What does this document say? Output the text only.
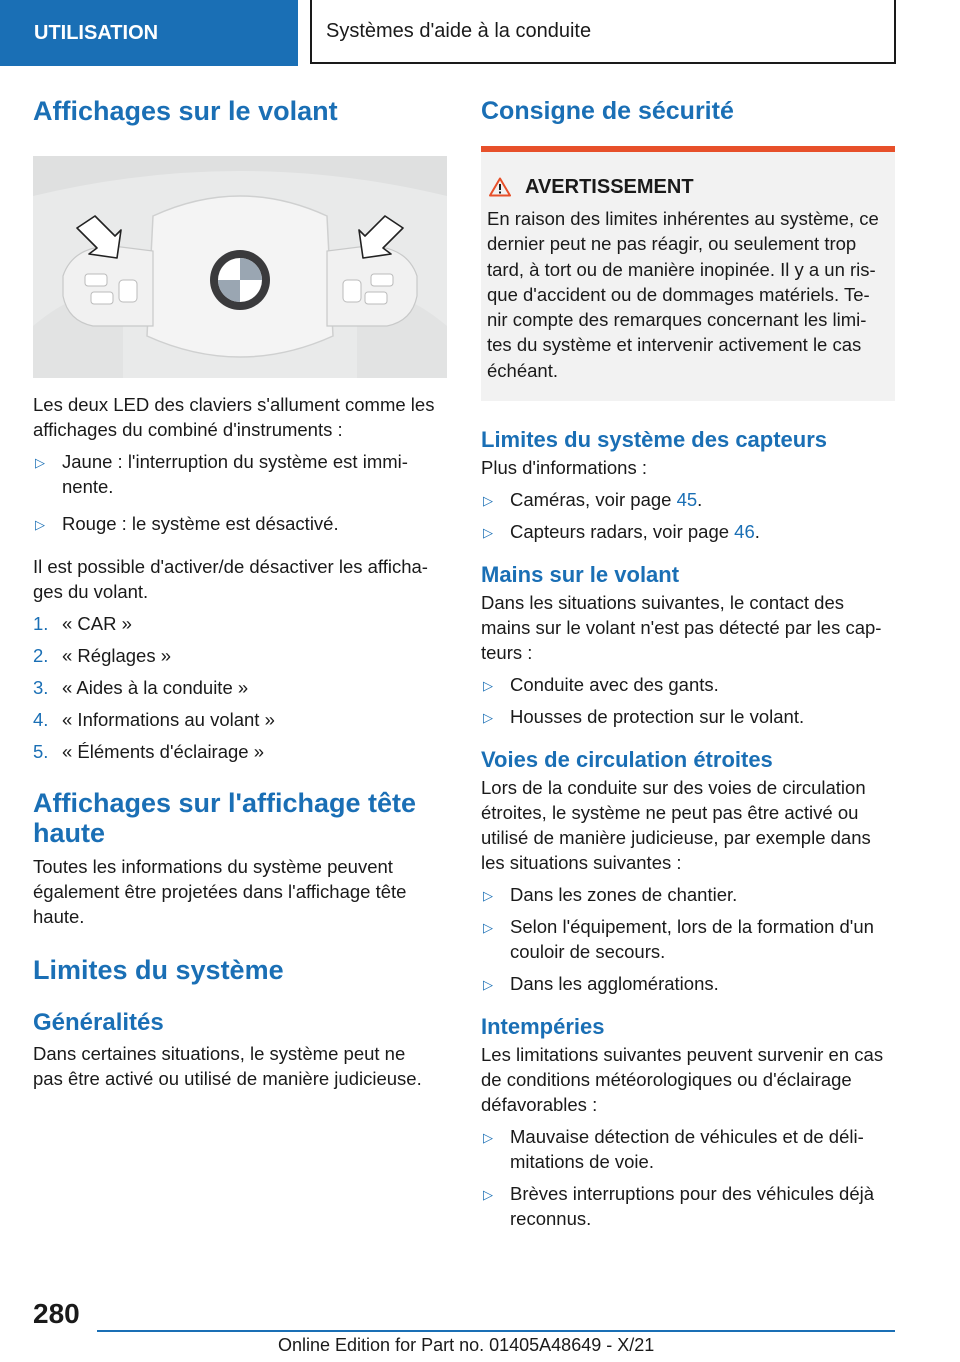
UTILISATION	Systèmes d'aide à la conduite
Affichages sur le volant

Les deux LED des claviers s'allument comme les affichages du combiné d'instruments :

▷ Jaune : l'interruption du système est immi-
nente.
▷ Rouge : le système est désactivé.

Il est possible d'activer/de désactiver les afficha-
ges du volant.

1. « CAR »
2. « Réglages »
3. « Aides à la conduite »
4. « Informations au volant »
5. « Éléments d'éclairage »
Affichages sur l'affichage tête
haute

Toutes les informations du système peuvent
également être projetées dans l'affichage tête
haute.

Limites du système
Généralités

Dans certaines situations, le système peut ne
pas être activé ou utilisé de manière judicieuse.

Consigne de sécurité
AVERTISSEMENT

En raison des limites inhérentes au système, ce
dernier peut ne pas réagir, ou seulement trop
tard, à tort ou de manière inopinée. Il y a un ris-
que d'accident ou de dommages matériels. Te-
nir compte des remarques concernant les limi-
tes du système et intervenir activement le cas
échéant.

Limites du système des capteurs

Plus d'informations :

▷ Caméras, voir page 45.
▷ Capteurs radars, voir page 46.
Mains sur le volant

Dans les situations suivantes, le contact des
mains sur le volant n'est pas détecté par les cap-
teurs :

▷ Conduite avec des gants.
▷ Housses de protection sur le volant.
Voies de circulation étroites

Lors de la conduite sur des voies de circulation
étroites, le système ne peut pas être activé ou
utilisé de manière judicieuse, par exemple dans
les situations suivantes :

▷ Dans les zones de chantier.
▷ Selon l'équipement, lors de la formation d'un
couloir de secours.
▷ Dans les agglomérations.
Intempéries

Les limitations suivantes peuvent survenir en cas
de conditions météorologiques ou d'éclairage
défavorables :

▷ Mauvaise détection de véhicules et de déli-
mitations de voie.
▷ Brèves interruptions pour des véhicules déjà
reconnus.
280
Online Edition for Part no. 01405A48649 - X/21
